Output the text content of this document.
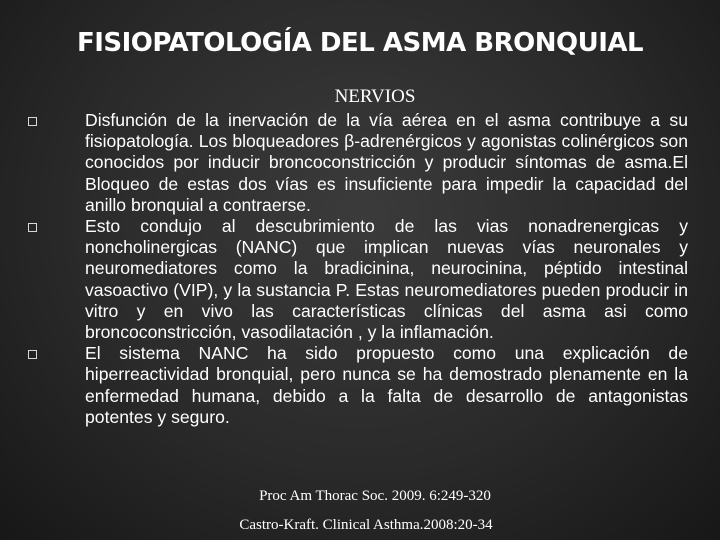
FISIOPATOLOGÍA DEL ASMA BRONQUIAL
NERVIOS
Disfunción de la inervación de la vía aérea en el asma contribuye a su fisiopatología. Los bloqueadores β-adrenérgicos y agonistas colinérgicos son conocidos por inducir broncoconstricción y producir síntomas de asma.El Bloqueo de estas dos vías es insuficiente para impedir la capacidad del anillo bronquial a contraerse.
Esto condujo al descubrimiento de las vias nonadrenergicas y noncholinergicas (NANC) que implican nuevas vías neuronales y neuromediatores como la bradicinina, neurocinina, péptido intestinal vasoactivo (VIP), y la sustancia P. Estas neuromediatores pueden producir in vitro y en vivo las características clínicas del asma asi como broncoconstricción, vasodilatación , y la inflamación.
El sistema NANC ha sido propuesto como una explicación de hiperreactividad bronquial, pero nunca se ha demostrado plenamente en la enfermedad humana, debido a la falta de desarrollo de antagonistas potentes y seguro.

Proc Am Thorac Soc. 2009. 6:249-320

Castro-Kraft. Clinical Asthma.2008:20-34
